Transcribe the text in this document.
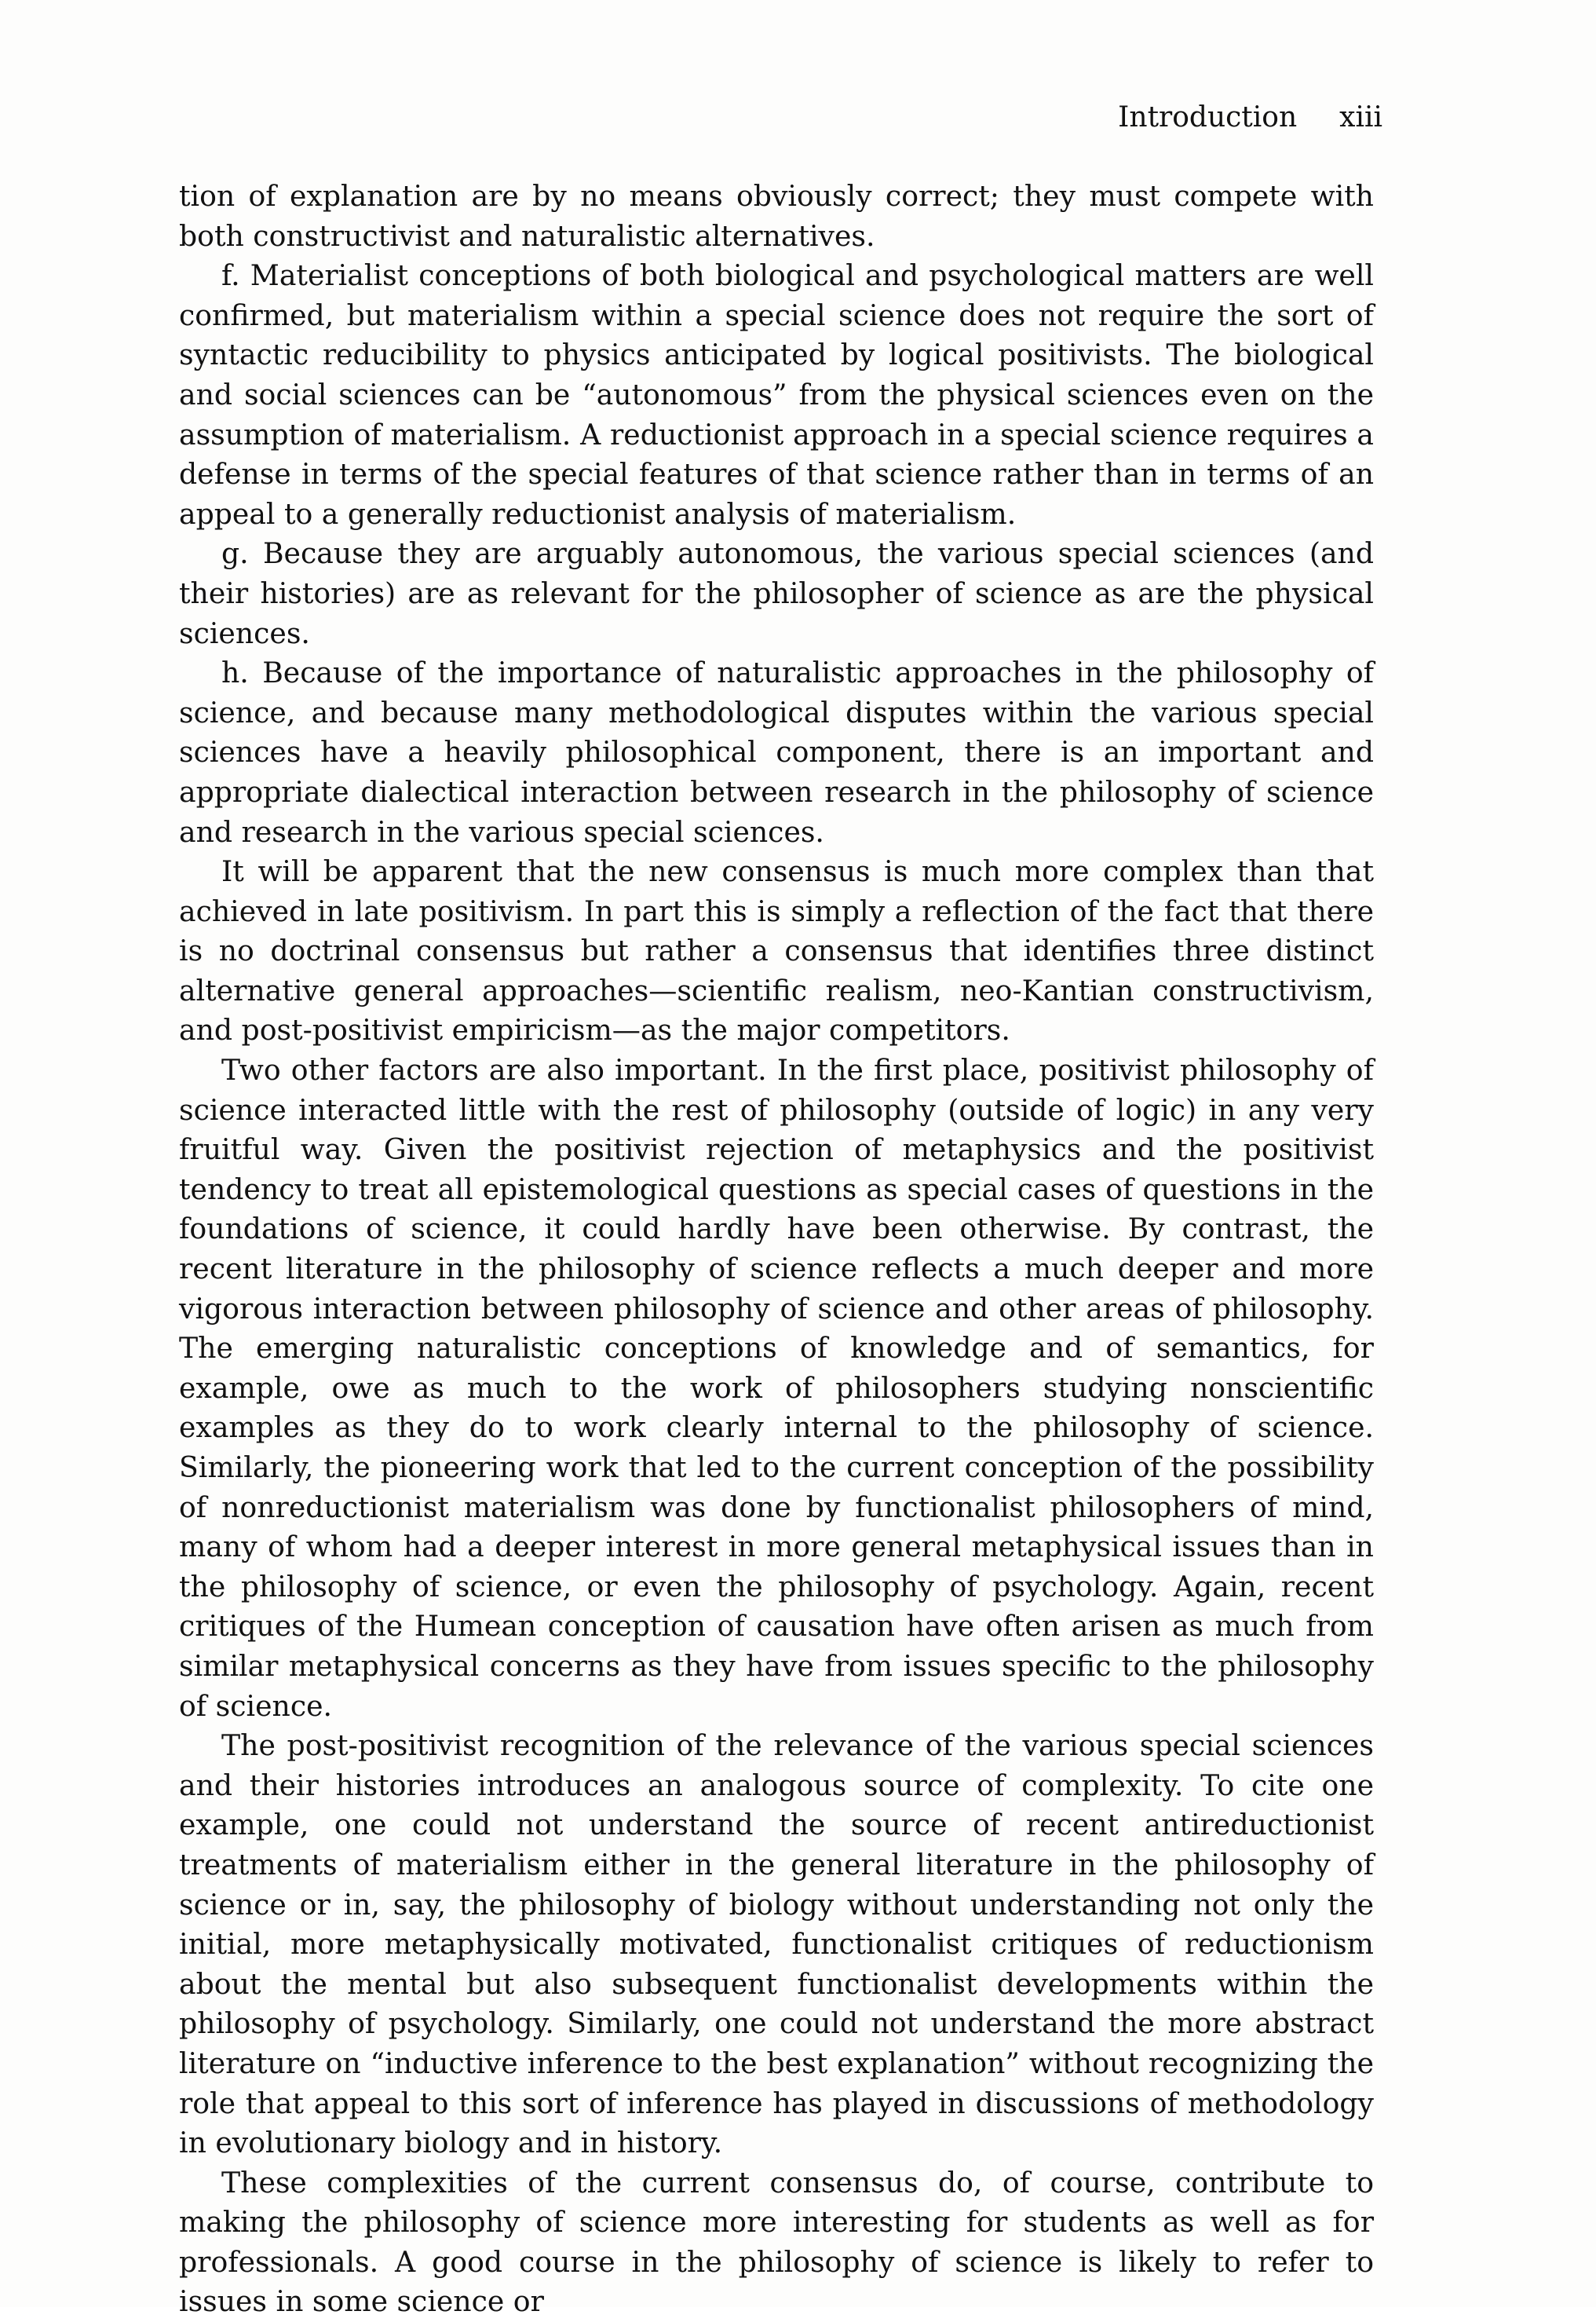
Introduction xiii

tion of explanation are by no means obviously correct; they must compete with both constructivist and naturalistic alternatives.

f. Materialist conceptions of both biological and psychological matters are well confirmed, but materialism within a special science does not require the sort of syntactic reducibility to physics anticipated by logical positivists. The biological and social sciences can be “autonomous” from the physical sciences even on the assumption of materialism. A reductionist approach in a special science requires a defense in terms of the special features of that science rather than in terms of an appeal to a generally reductionist analysis of materialism.

g. Because they are arguably autonomous, the various special sciences (and their histories) are as relevant for the philosopher of science as are the physical sciences.

h. Because of the importance of naturalistic approaches in the philosophy of science, and because many methodological disputes within the various special sciences have a heavily philosophical component, there is an important and appropriate dialectical interaction between research in the philosophy of science and research in the various special sciences.

It will be apparent that the new consensus is much more complex than that achieved in late positivism. In part this is simply a reflection of the fact that there is no doctrinal consensus but rather a consensus that identifies three distinct alternative general approaches—scientific realism, neo-Kantian constructivism, and post-positivist empiricism—as the major competitors.

Two other factors are also important. In the first place, positivist philosophy of science interacted little with the rest of philosophy (outside of logic) in any very fruitful way. Given the positivist rejection of metaphysics and the positivist tendency to treat all epistemological questions as special cases of questions in the foundations of science, it could hardly have been otherwise. By contrast, the recent literature in the philosophy of science reflects a much deeper and more vigorous interaction between philosophy of science and other areas of philosophy. The emerging naturalistic conceptions of knowledge and of semantics, for example, owe as much to the work of philosophers studying nonscientific examples as they do to work clearly internal to the philosophy of science. Similarly, the pioneering work that led to the current conception of the possibility of nonreductionist materialism was done by functionalist philosophers of mind, many of whom had a deeper interest in more general metaphysical issues than in the philosophy of science, or even the philosophy of psychology. Again, recent critiques of the Humean conception of causation have often arisen as much from similar metaphysical concerns as they have from issues specific to the philosophy of science.

The post-positivist recognition of the relevance of the various special sciences and their histories introduces an analogous source of complexity. To cite one example, one could not understand the source of recent antireductionist treatments of materialism either in the general literature in the philosophy of science or in, say, the philosophy of biology without understanding not only the initial, more metaphysically motivated, functionalist critiques of reductionism about the mental but also subsequent functionalist developments within the philosophy of psychology. Similarly, one could not understand the more abstract literature on “inductive inference to the best explanation” without recognizing the role that appeal to this sort of inference has played in discussions of methodology in evolutionary biology and in history.

These complexities of the current consensus do, of course, contribute to making the philosophy of science more interesting for students as well as for professionals. A good course in the philosophy of science is likely to refer to issues in some science or
